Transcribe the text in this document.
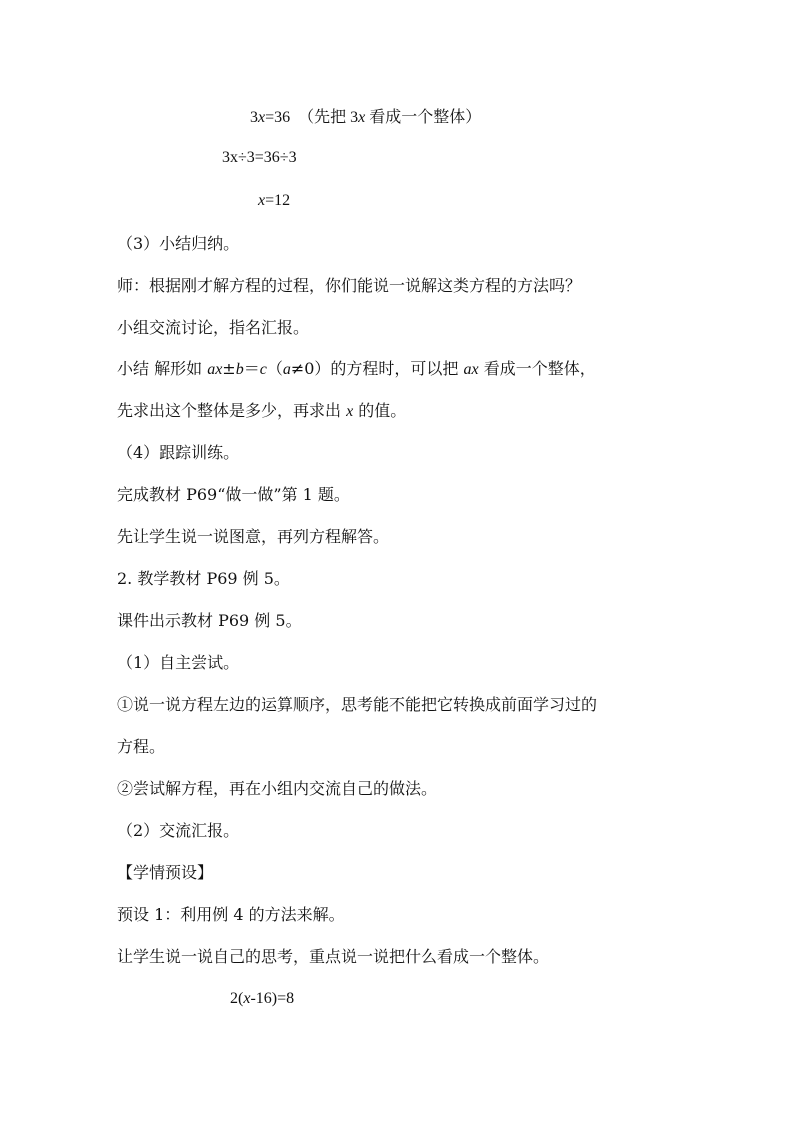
3x=36　（先把 3x 看成一个整体）
3x÷3=36÷3
x=12
（3）小结归纳。
师：根据刚才解方程的过程，你们能说一说解这类方程的方法吗？
小组交流讨论，指名汇报。
小结 解形如 ax±b＝c（a≠0）的方程时，可以把 ax 看成一个整体，
先求出这个整体是多少，再求出 x 的值。
（4）跟踪训练。
完成教材 P69“做一做”第 1 题。
先让学生说一说图意，再列方程解答。
2. 教学教材 P69 例 5。
课件出示教材 P69 例 5。
（1）自主尝试。
①说一说方程左边的运算顺序，思考能不能把它转换成前面学习过的
方程。
②尝试解方程，再在小组内交流自己的做法。
（2）交流汇报。
【学情预设】
预设 1：利用例 4 的方法来解。
让学生说一说自己的思考，重点说一说把什么看成一个整体。
2(x-16)=8
